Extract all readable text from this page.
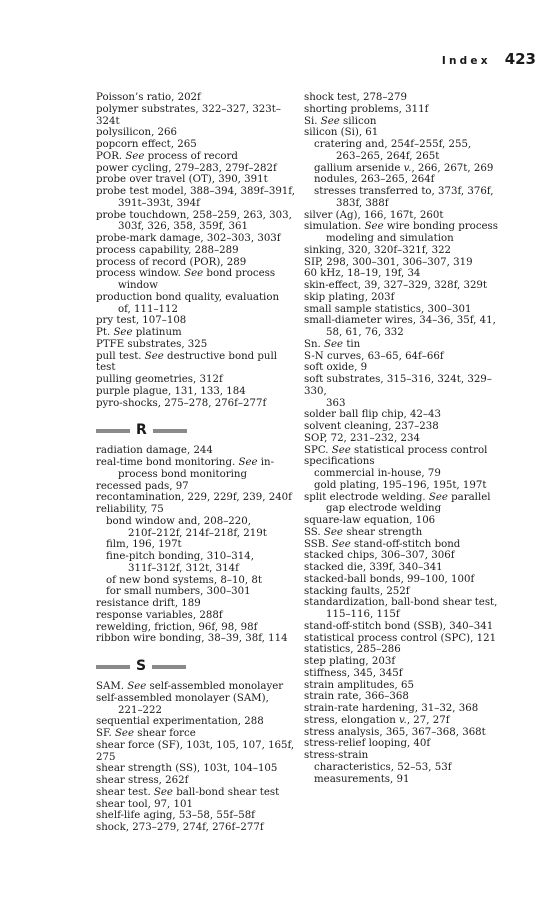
Index 423
Poisson’s ratio, 202f
polymer substrates, 322–327, 323t–324t
polysilicon, 266
popcorn effect, 265
POR. See process of record
power cycling, 279–283, 279f–282f
probe over travel (OT), 390, 391t
probe test model, 388–394, 389f–391f,
391t–393t, 394f
probe touchdown, 258–259, 263, 303,
303f, 326, 358, 359f, 361
probe-mark damage, 302–303, 303f
process capability, 288–289
process of record (POR), 289
process window. See bond process
window
production bond quality, evaluation
of, 111–112
pry test, 107–108
Pt. See platinum
PTFE substrates, 325
pull test. See destructive bond pull test
pulling geometries, 312f
purple plague, 131, 133, 184
pyro-shocks, 275–278, 276f–277f
R
radiation damage, 244
real-time bond monitoring. See in-
process bond monitoring
recessed pads, 97
recontamination, 229, 229f, 239, 240f
reliability, 75
bond window and, 208–220,
210f–212f, 214f–218f, 219t
film, 196, 197t
fine-pitch bonding, 310–314,
311f–312f, 312t, 314f
of new bond systems, 8–10, 8t
for small numbers, 300–301
resistance drift, 189
response variables, 288f
rewelding, friction, 96f, 98, 98f
ribbon wire bonding, 38–39, 38f, 114
S
SAM. See self-assembled monolayer
self-assembled monolayer (SAM),
221–222
sequential experimentation, 288
SF. See shear force
shear force (SF), 103t, 105, 107, 165f, 275
shear strength (SS), 103t, 104–105
shear stress, 262f
shear test. See ball-bond shear test
shear tool, 97, 101
shelf-life aging, 53–58, 55f–58f
shock, 273–279, 274f, 276f–277f
shock test, 278–279
shorting problems, 311f
Si. See silicon
silicon (Si), 61
cratering and, 254f–255f, 255,
263–265, 264f, 265t
gallium arsenide v., 266, 267t, 269
nodules, 263–265, 264f
stresses transferred to, 373f, 376f,
383f, 388f
silver (Ag), 166, 167t, 260t
simulation. See wire bonding process
modeling and simulation
sinking, 320, 320f–321f, 322
SIP, 298, 300–301, 306–307, 319
60 kHz, 18–19, 19f, 34
skin-effect, 39, 327–329, 328f, 329t
skip plating, 203f
small sample statistics, 300–301
small-diameter wires, 34–36, 35f, 41,
58, 61, 76, 332
Sn. See tin
S-N curves, 63–65, 64f–66f
soft oxide, 9
soft substrates, 315–316, 324t, 329–330,
363
solder ball flip chip, 42–43
solvent cleaning, 237–238
SOP, 72, 231–232, 234
SPC. See statistical process control
specifications
commercial in-house, 79
gold plating, 195–196, 195t, 197t
split electrode welding. See parallel
gap electrode welding
square-law equation, 106
SS. See shear strength
SSB. See stand-off-stitch bond
stacked chips, 306–307, 306f
stacked die, 339f, 340–341
stacked-ball bonds, 99–100, 100f
stacking faults, 252f
standardization, ball-bond shear test,
115–116, 115f
stand-off-stitch bond (SSB), 340–341
statistical process control (SPC), 121
statistics, 285–286
step plating, 203f
stiffness, 345, 345f
strain amplitudes, 65
strain rate, 366–368
strain-rate hardening, 31–32, 368
stress, elongation v., 27, 27f
stress analysis, 365, 367–368, 368t
stress-relief looping, 40f
stress-strain
characteristics, 52–53, 53f
measurements, 91
